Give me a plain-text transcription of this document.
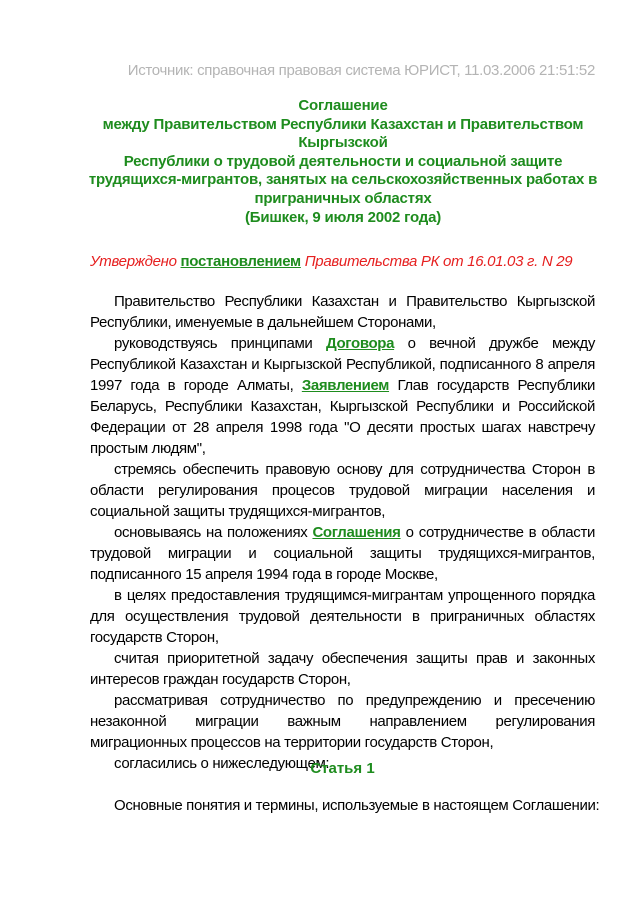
Источник: справочная правовая система ЮРИСТ, 11.03.2006 21:51:52
Соглашение
между Правительством Республики Казахстан и Правительством
Кыргызской
Республики о трудовой деятельности и социальной защите
трудящихся-мигрантов, занятых на сельскохозяйственных работах в
приграничных областях
(Бишкек, 9 июля 2002 года)
Утверждено постановлением Правительства РК от 16.01.03 г. N 29

Правительство Республики Казахстан и Правительство Кыргызской Республики, именуемые в дальнейшем Сторонами,

руководствуясь принципами Договора о вечной дружбе между Республикой Казахстан и Кыргызской Республикой, подписанного 8 апреля 1997 года в городе Алматы, Заявлением Глав государств Республики Беларусь, Республики Казахстан, Кыргызской Республики и Российской Федерации от 28 апреля 1998 года "О десяти простых шагах навстречу простым людям",

стремясь обеспечить правовую основу для сотрудничества Сторон в области регулирования процесов трудовой миграции населения и социальной защиты трудящихся-мигрантов,

основываясь на положениях Соглашения о сотрудничестве в области трудовой миграции и социальной защиты трудящихся-мигрантов, подписанного 15 апреля 1994 года в городе Москве,

в целях предоставления трудящимся-мигрантам упрощенного порядка для осуществления трудовой деятельности в приграничных областях государств Сторон,

считая приоритетной задачу обеспечения защиты прав и законных интересов граждан государств Сторон,

рассматривая сотрудничество по предупреждению и пресечению незаконной миграции важным направлением регулирования миграционных процессов на территории государств Сторон,

согласились о нижеследующем:

Статья 1
Основные понятия и термины, используемые в настоящем Соглашении:
